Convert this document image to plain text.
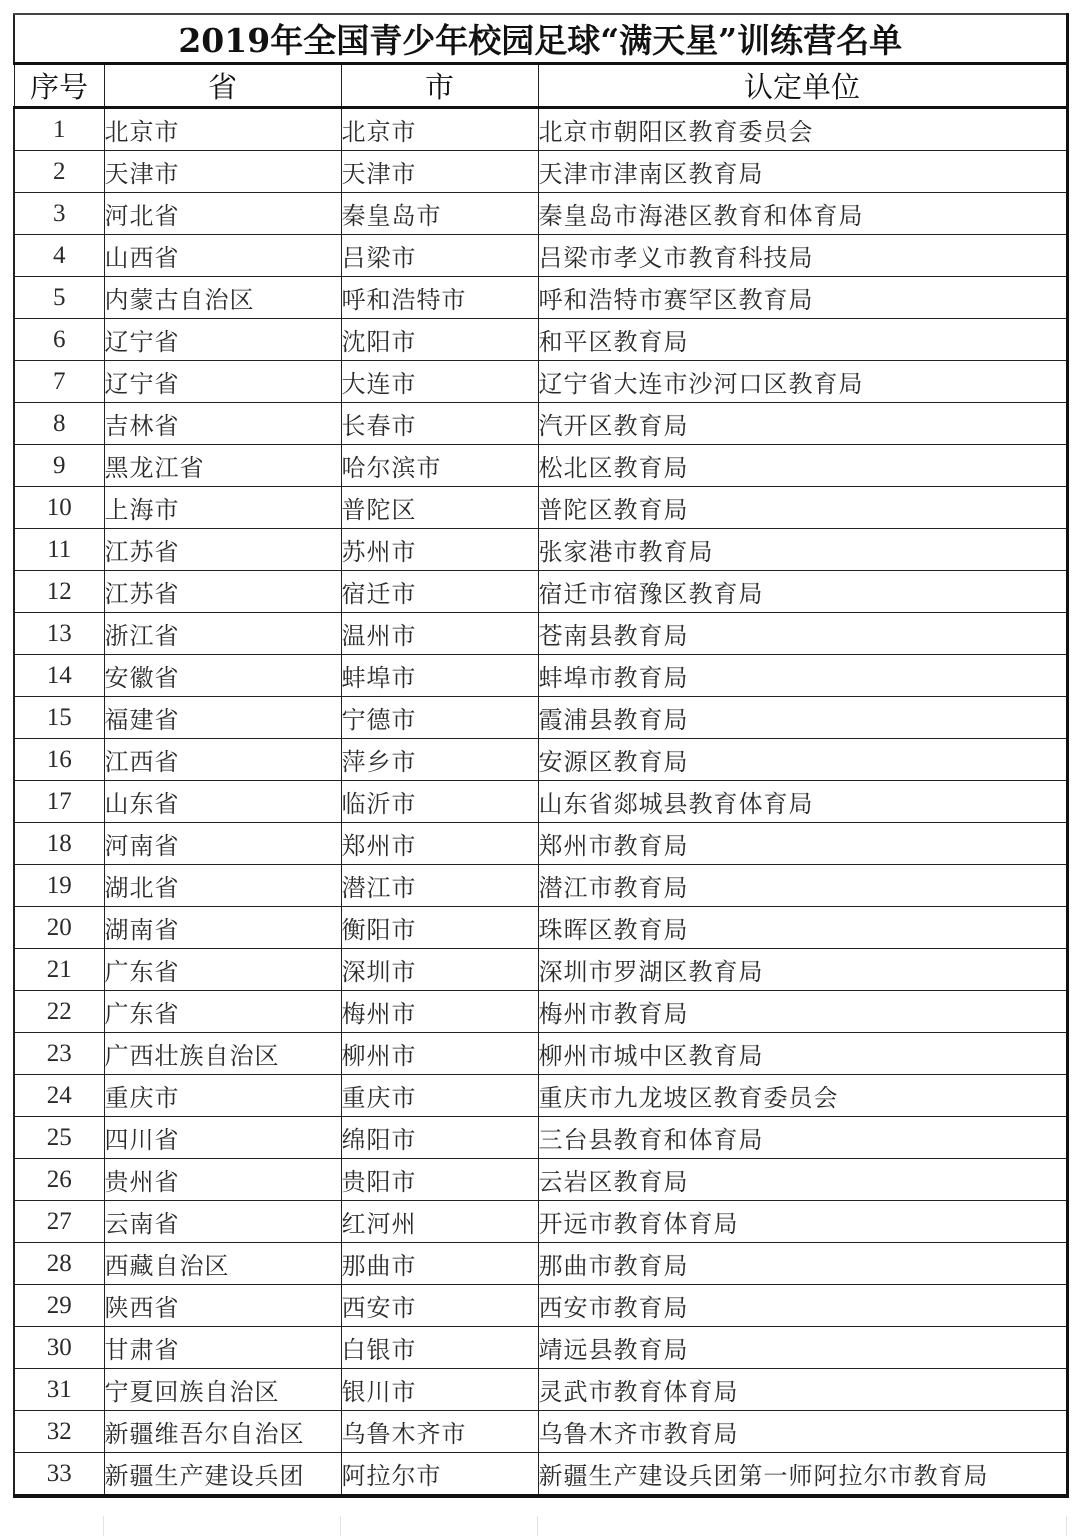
2019年全国青少年校园足球“满天星”训练营名单			
序号	省	市	认定单位
1	北京市	北京市	北京市朝阳区教育委员会
2	天津市	天津市	天津市津南区教育局
3	河北省	秦皇岛市	秦皇岛市海港区教育和体育局
4	山西省	吕梁市	吕梁市孝义市教育科技局
5	内蒙古自治区	呼和浩特市	呼和浩特市赛罕区教育局
6	辽宁省	沈阳市	和平区教育局
7	辽宁省	大连市	辽宁省大连市沙河口区教育局
8	吉林省	长春市	汽开区教育局
9	黑龙江省	哈尔滨市	松北区教育局
10	上海市	普陀区	普陀区教育局
11	江苏省	苏州市	张家港市教育局
12	江苏省	宿迁市	宿迁市宿豫区教育局
13	浙江省	温州市	苍南县教育局
14	安徽省	蚌埠市	蚌埠市教育局
15	福建省	宁德市	霞浦县教育局
16	江西省	萍乡市	安源区教育局
17	山东省	临沂市	山东省郯城县教育体育局
18	河南省	郑州市	郑州市教育局
19	湖北省	潜江市	潜江市教育局
20	湖南省	衡阳市	珠晖区教育局
21	广东省	深圳市	深圳市罗湖区教育局
22	广东省	梅州市	梅州市教育局
23	广西壮族自治区	柳州市	柳州市城中区教育局
24	重庆市	重庆市	重庆市九龙坡区教育委员会
25	四川省	绵阳市	三台县教育和体育局
26	贵州省	贵阳市	云岩区教育局
27	云南省	红河州	开远市教育体育局
28	西藏自治区	那曲市	那曲市教育局
29	陕西省	西安市	西安市教育局
30	甘肃省	白银市	靖远县教育局
31	宁夏回族自治区	银川市	灵武市教育体育局
32	新疆维吾尔自治区	乌鲁木齐市	乌鲁木齐市教育局
33	新疆生产建设兵团	阿拉尔市	新疆生产建设兵团第一师阿拉尔市教育局
